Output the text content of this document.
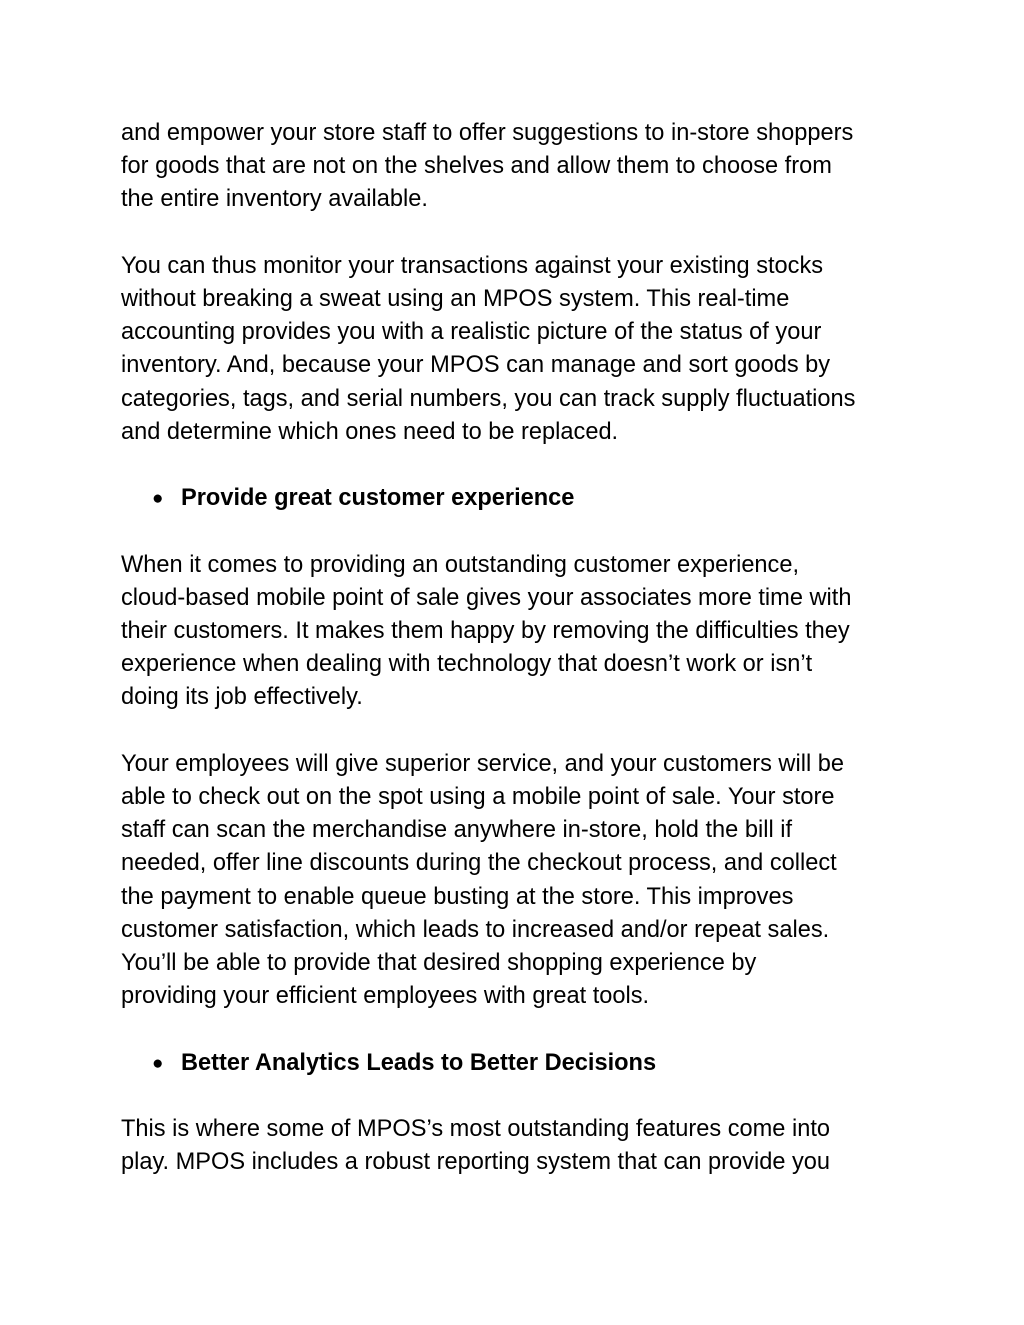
and empower your store staff to offer suggestions to in-store shoppers
for goods that are not on the shelves and allow them to choose from
the entire inventory available.
You can thus monitor your transactions against your existing stocks
without breaking a sweat using an MPOS system. This real-time
accounting provides you with a realistic picture of the status of your
inventory. And, because your MPOS can manage and sort goods by
categories, tags, and serial numbers, you can track supply fluctuations
and determine which ones need to be replaced.
● Provide great customer experience
When it comes to providing an outstanding customer experience,
cloud-based mobile point of sale gives your associates more time with
their customers. It makes them happy by removing the difficulties they
experience when dealing with technology that doesn’t work or isn’t
doing its job effectively.
Your employees will give superior service, and your customers will be
able to check out on the spot using a mobile point of sale. Your store
staff can scan the merchandise anywhere in-store, hold the bill if
needed, offer line discounts during the checkout process, and collect
the payment to enable queue busting at the store. This improves
customer satisfaction, which leads to increased and/or repeat sales.
You’ll be able to provide that desired shopping experience by
providing your efficient employees with great tools.
● Better Analytics Leads to Better Decisions
This is where some of MPOS’s most outstanding features come into
play. MPOS includes a robust reporting system that can provide you
